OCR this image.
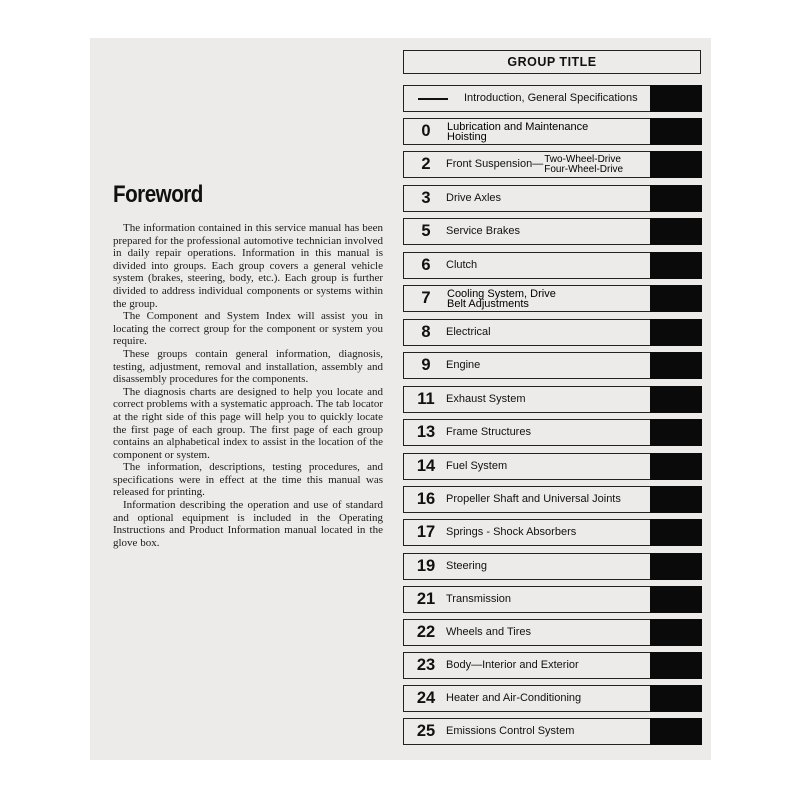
Foreword

The information contained in this service manual has been prepared for the professional automotive technician involved in daily repair operations. Information in this manual is divided into groups. Each group covers a general vehicle system (brakes, steering, body, etc.). Each group is further divided to address individual components or systems within the group.

The Component and System Index will assist you in locating the correct group for the component or system you require.

These groups contain general information, diagnosis, testing, adjustment, removal and installation, assembly and disassembly procedures for the components.

The diagnosis charts are designed to help you locate and correct problems with a systematic approach. The tab locator at the right side of this page will help you to quickly locate the first page of each group. The first page of each group contains an alphabetical index to assist in the location of the component or system.

The information, descriptions, testing procedures, and specifications were in effect at the time this manual was released for printing.

Information describing the operation and use of standard and optional equipment is included in the Operating Instructions and Product Information manual located in the glove box.

GROUP TITLE
Introduction, General Specifications
0	Lubrication and Maintenance
Hoisting
2	Front Suspension— Two-Wheel-Drive
Four-Wheel-Drive
3	Drive Axles
5	Service Brakes
6	Clutch
7	Cooling System, Drive
Belt Adjustments
8	Electrical
9	Engine
11	Exhaust System
13 Frame Structures
14 Fuel System
16 Propeller Shaft and Universal Joints
17 Springs - Shock Absorbers
19 Steering
21 Transmission
22 Wheels and Tires
23 Body—Interior and Exterior
24 Heater and Air-Conditioning
25 Emissions Control System
